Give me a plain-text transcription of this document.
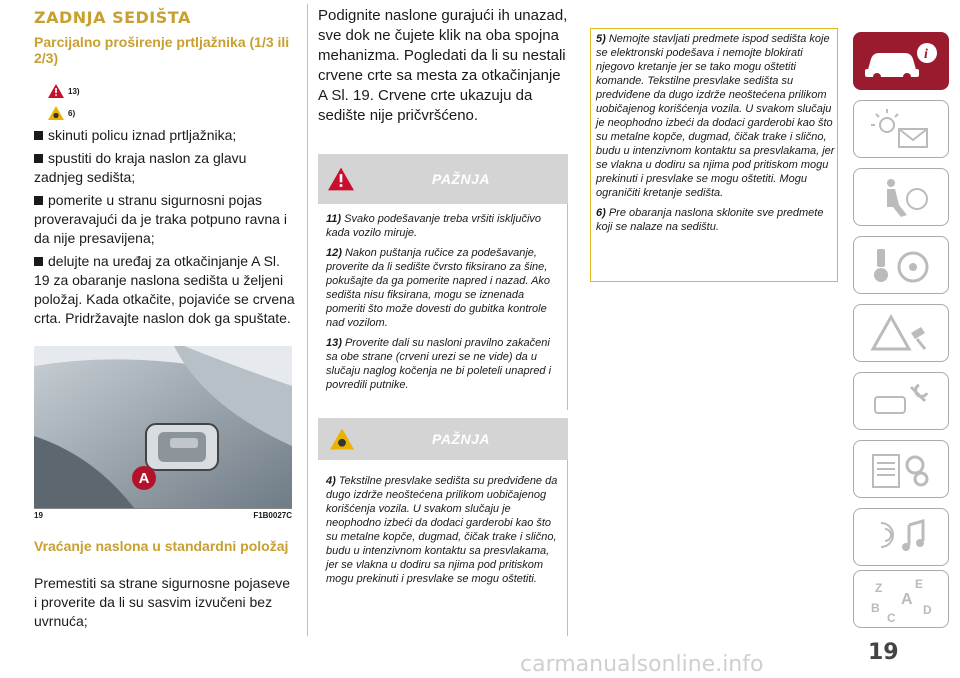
ZADNJA SEDIŠTA
Parcijalno proširenje prtljažnika (1/3 ili 2/3)
13)
6)

skinuti policu iznad prtljažnika;

spustiti do kraja naslon za glavu zadnjeg sedišta;

pomerite u stranu sigurnosni pojas proveravajući da je traka potpuno ravna i da nije presavijena;

delujte na uređaj za otkačinjanje A Sl. 19 za obaranje naslona sedišta u željeni položaj. Kada otkačite, pojaviće se crvena crta. Pridržavajte naslon dok ga spuštate.

A
19	F1B0027C
Vraćanje naslona u standardni položaj
Premestiti sa strane sigurnosne pojaseve i proverite da li su sasvim izvučeni bez uvrnuća;
Podignite naslone gurajući ih unazad, sve dok ne čujete klik na oba spojna mehanizma. Pogledati da li su nestali crvene crte sa mesta za otkačinjanje A Sl. 19. Crvene crte ukazuju da sedište nije pričvršćeno.
PAŽNJA

11) Svako podešavanje treba vršiti isključivo kada vozilo miruje.

12) Nakon puštanja ručice za podešavanje, proverite da li sedište čvrsto fiksirano za šine, pokušajte da ga pomerite napred i nazad. Ako sedišta nisu fiksirana, mogu se iznenada pomeriti što može dovesti do gubitka kontrole nad vozilom.

13) Proverite dali su nasloni pravilno zakačeni sa obe strane (crveni urezi se ne vide) da u slučaju naglog kočenja ne bi poleteli unapred i povredili putnike.

PAŽNJA

4) Tekstilne presvlake sedišta su predviđene da dugo izdrže neoštećena prilikom uobičajenog korišćenja vozila. U svakom slučaju je neophodno izbeći da dodaci garderobi kao što su metalne kopče, dugmad, čičak trake i slično, budu u intenzivnom kontaktu sa presvlakama, jer se vlakna u dodiru sa njima pod pritiskom mogu prekinuti i presvlake se mogu oštetiti.

5) Nemojte stavljati predmete ispod sedišta koje se elektronski podešava i nemojte blokirati njegovo kretanje jer se tako mogu oštetiti komande. Tekstilne presvlake sedišta su predviđene da dugo izdrže neoštećena prilikom uobičajenog korišćenja vozila. U svakom slučaju je neophodno izbeći da dodaci garderobi kao što su metalne kopče, dugmad, čičak trake i slično, budu u intenzivnom kontaktu sa presvlakama, jer se vlakna u dodiru sa njima pod pritiskom mogu prekinuti i presvlake se mogu oštetiti. Mogu ograničiti kretanje sedišta.

6) Pre obaranja naslona sklonite sve predmete koji se nalaze na sedištu.

i
Z	E
B A
C
D
19
carmanualsonline.info
